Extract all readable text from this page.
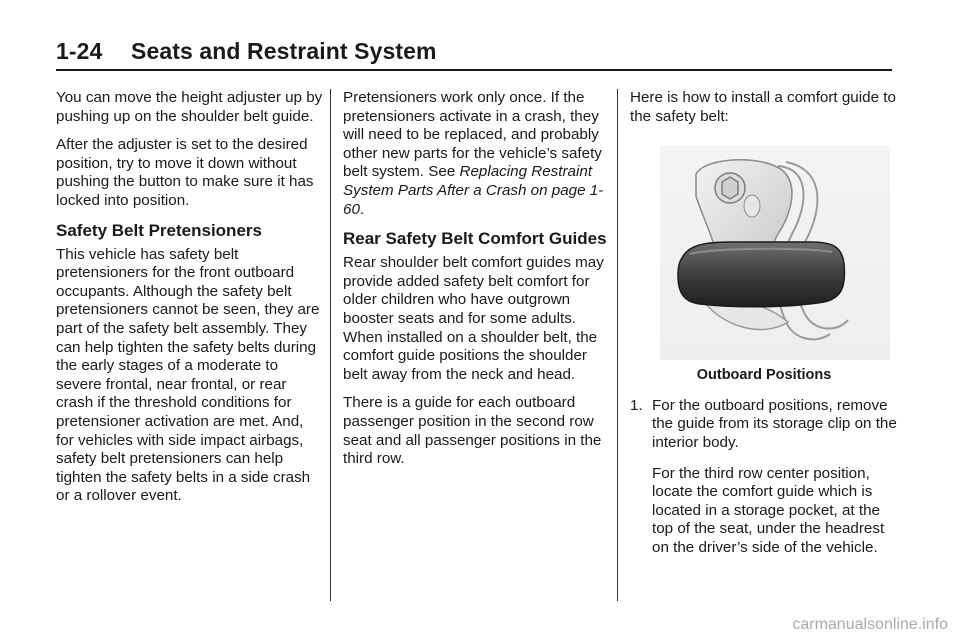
1-24 Seats and Restraint System

You can move the height adjuster up by pushing up on the shoulder belt guide.

After the adjuster is set to the desired position, try to move it down without pushing the button to make sure it has locked into position.

Safety Belt Pretensioners

This vehicle has safety belt pretensioners for the front outboard occupants. Although the safety belt pretensioners cannot be seen, they are part of the safety belt assembly. They can help tighten the safety belts during the early stages of a moderate to severe frontal, near frontal, or rear crash if the threshold conditions for pretensioner activation are met. And, for vehicles with side impact airbags, safety belt pretensioners can help tighten the safety belts in a side crash or a rollover event.

Pretensioners work only once. If the pretensioners activate in a crash, they will need to be replaced, and probably other new parts for the vehicle’s safety belt system. See Replacing Restraint System Parts After a Crash on page 1-60.

Rear Safety Belt Comfort Guides

Rear shoulder belt comfort guides may provide added safety belt comfort for older children who have outgrown booster seats and for some adults. When installed on a shoulder belt, the comfort guide positions the shoulder belt away from the neck and head.

There is a guide for each outboard passenger position in the second row seat and all passenger positions in the third row.

Here is how to install a comfort guide to the safety belt:

Outboard Positions
1. For the outboard positions, remove the guide from its storage clip on the interior body.

For the third row center position, locate the comfort guide which is located in a storage pocket, at the top of the seat, under the headrest on the driver’s side of the vehicle.

carmanualsonline.info
